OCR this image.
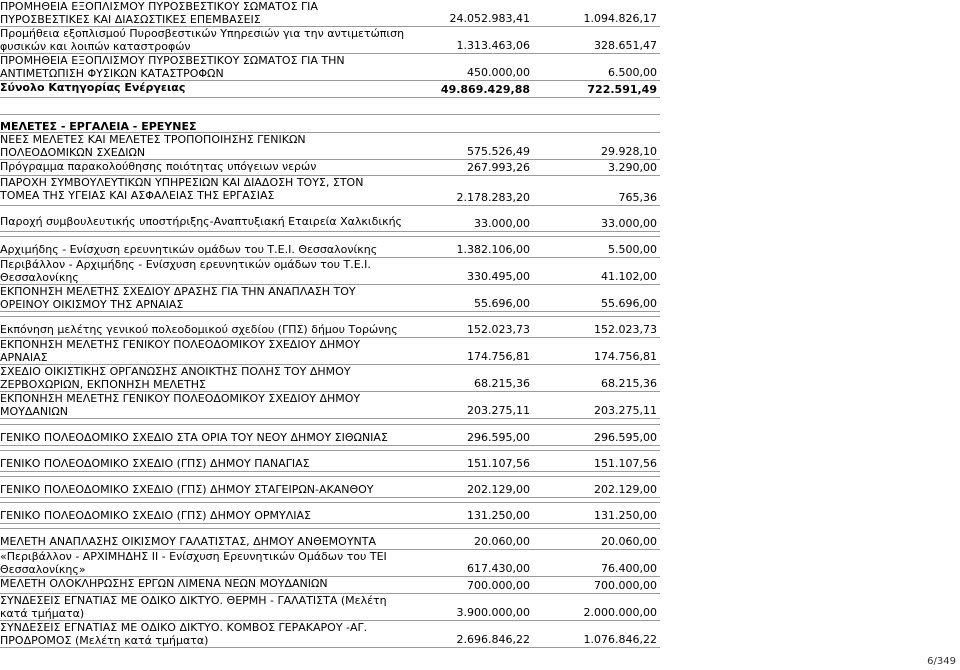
ΠΡΟΜΗΘΕΙΑ ΕΞΟΠΛΙΣΜΟΥ ΠΥΡΟΣΒΕΣΤΙΚΟΥ ΣΩΜΑΤΟΣ ΓΙΑ
ΠΥΡΟΣΒΕΣΤΙΚΕΣ ΚΑΙ ΔΙΑΣΩΣΤΙΚΕΣ ΕΠΕΜΒΑΣΕΙΣ	24.052.983,41	1.094.826,17
Προμήθεια εξοπλισμού Πυροσβεστικών Υπηρεσιών για την αντιμετώπιση
φυσικών και λοιπών καταστροφών	1.313.463,06	328.651,47
ΠΡΟΜΗΘΕΙΑ ΕΞΟΠΛΙΣΜΟΥ ΠΥΡΟΣΒΕΣΤΙΚΟΥ ΣΩΜΑΤΟΣ ΓΙΑ ΤΗΝ
ΑΝΤΙΜΕΤΩΠΙΣΗ ΦΥΣΙΚΩΝ ΚΑΤΑΣΤΡΟΦΩΝ	450.000,00	6.500,00
Σύνολο Κατηγορίας Ενέργειας	49.869.429,88	722.591,49
ΜΕΛΕΤΕΣ - ΕΡΓΑΛΕΙΑ - ΕΡΕΥΝΕΣ
ΝΕΕΣ ΜΕΛΕΤΕΣ ΚΑΙ ΜΕΛΕΤΕΣ ΤΡΟΠΟΠΟΙΗΣΗΣ ΓΕΝΙΚΩΝ
ΠΟΛΕΟΔΟΜΙΚΩΝ ΣΧΕΔΙΩΝ	575.526,49	29.928,10
Πρόγραμμα παρακολούθησης ποιότητας υπόγειων νερών	267.993,26	3.290,00
ΠΑΡΟΧΗ ΣΥΜΒΟΥΛΕΥΤΙΚΩΝ ΥΠΗΡΕΣΙΩΝ ΚΑΙ ΔΙΑΔΟΣΗ ΤΟΥΣ, ΣΤΟΝ
ΤΟΜΕΑ ΤΗΣ ΥΓΕΙΑΣ ΚΑΙ ΑΣΦΑΛΕΙΑΣ ΤΗΣ ΕΡΓΑΣΙΑΣ	2.178.283,20	765,36
Παροχή συμβουλευτικής υποστήριξης-Αναπτυξιακή Εταιρεία Χαλκιδικής	33.000,00	33.000,00
Αρχιμήδης - Ενίσχυση ερευνητικών ομάδων του Τ.Ε.Ι. Θεσσαλονίκης	1.382.106,00	5.500,00
Περιβάλλον - Αρχιμήδης - Ενίσχυση ερευνητικών ομάδων του Τ.Ε.Ι.
Θεσσαλονίκης	330.495,00	41.102,00
ΕΚΠΟΝΗΣΗ ΜΕΛΕΤΗΣ ΣΧΕΔΙΟΥ ΔΡΑΣΗΣ ΓΙΑ ΤΗΝ ΑΝΑΠΛΑΣΗ ΤΟΥ
ΟΡΕΙΝΟΥ ΟΙΚΙΣΜΟΥ ΤΗΣ ΑΡΝΑΙΑΣ	55.696,00	55.696,00
Εκπόνηση μελέτης γενικού πολεοδομικού σχεδίου (ΓΠΣ) δήμου Τορώνης	152.023,73	152.023,73
ΕΚΠΟΝΗΣΗ ΜΕΛΕΤΗΣ ΓΕΝΙΚΟΥ ΠΟΛΕΟΔΟΜΙΚΟΥ ΣΧΕΔΙΟΥ ΔΗΜΟΥ
ΑΡΝΑΙΑΣ	174.756,81	174.756,81
ΣΧΕΔΙΟ ΟΙΚΙΣΤΙΚΗΣ ΟΡΓΑΝΩΣΗΣ ΑΝΟΙΚΤΗΣ ΠΟΛΗΣ ΤΟΥ ΔΗΜΟΥ
ΖΕΡΒΟΧΩΡΙΩΝ, ΕΚΠΟΝΗΣΗ ΜΕΛΕΤΗΣ	68.215,36	68.215,36
ΕΚΠΟΝΗΣΗ ΜΕΛΕΤΗΣ ΓΕΝΙΚΟΥ ΠΟΛΕΟΔΟΜΙΚΟΥ ΣΧΕΔΙΟΥ ΔΗΜΟΥ
ΜΟΥΔΑΝΙΩΝ	203.275,11	203.275,11
ΓΕΝΙΚΟ ΠΟΛΕΟΔΟΜΙΚΟ ΣΧΕΔΙΟ ΣΤΑ ΟΡΙΑ ΤΟΥ ΝΕΟΥ ΔΗΜΟΥ ΣΙΘΩΝΙΑΣ	296.595,00	296.595,00
ΓΕΝΙΚΟ ΠΟΛΕΟΔΟΜΙΚΟ ΣΧΕΔΙΟ (ΓΠΣ) ΔΗΜΟΥ ΠΑΝΑΓΙΑΣ	151.107,56	151.107,56
ΓΕΝΙΚΟ ΠΟΛΕΟΔΟΜΙΚΟ ΣΧΕΔΙΟ (ΓΠΣ) ΔΗΜΟΥ ΣΤΑΓΕΙΡΩΝ-ΑΚΑΝΘΟΥ	202.129,00	202.129,00
ΓΕΝΙΚΟ ΠΟΛΕΟΔΟΜΙΚΟ ΣΧΕΔΙΟ (ΓΠΣ) ΔΗΜΟΥ ΟΡΜΥΛΙΑΣ	131.250,00	131.250,00
ΜΕΛΕΤΗ ΑΝΑΠΛΑΣΗΣ ΟΙΚΙΣΜΟΥ ΓΑΛΑΤΙΣΤΑΣ, ΔΗΜΟΥ ΑΝΘΕΜΟΥΝΤΑ	20.060,00	20.060,00
«Περιβάλλον - ΑΡΧΙΜΗΔΗΣ ΙΙ - Ενίσχυση Ερευνητικών Ομάδων του ΤΕΙ
Θεσσαλονίκης»	617.430,00	76.400,00
ΜΕΛΕΤΗ ΟΛΟΚΛΗΡΩΣΗΣ ΕΡΓΩΝ ΛΙΜΕΝΑ ΝΕΩΝ ΜΟΥΔΑΝΙΩΝ	700.000,00	700.000,00
ΣΥΝΔΕΣΕΙΣ ΕΓΝΑΤΙΑΣ ΜΕ ΟΔΙΚΟ ΔΙΚΤΥΟ. ΘΕΡΜΗ - ΓΑΛΑΤΙΣΤΑ (Μελέτη
κατά τμήματα)	3.900.000,00	2.000.000,00
ΣΥΝΔΕΣΕΙΣ ΕΓΝΑΤΙΑΣ ΜΕ ΟΔΙΚΟ ΔΙΚΤΥΟ. ΚΟΜΒΟΣ ΓΕΡΑΚΑΡΟΥ -ΑΓ.
ΠΡΟΔΡΟΜΟΣ (Μελέτη κατά τμήματα)	2.696.846,22	1.076.846,22
6/349
